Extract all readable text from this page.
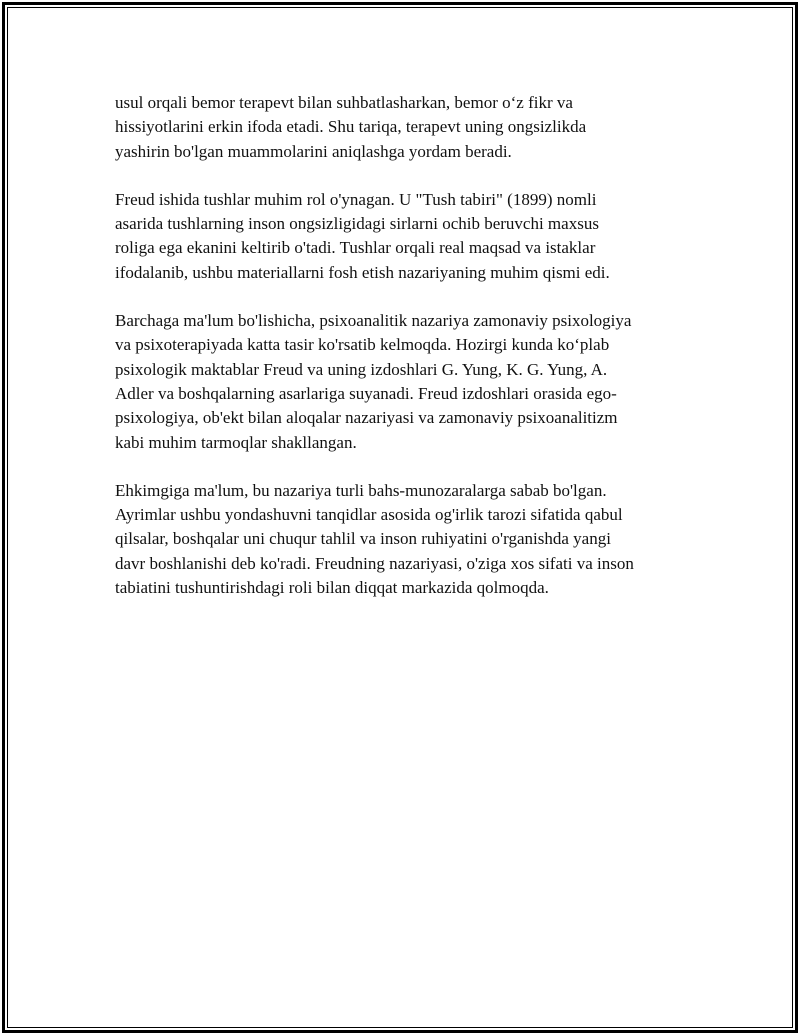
usul orqali bemor terapevt bilan suhbatlasharkan, bemor o‘z fikr va
hissiyotlarini erkin ifoda etadi. Shu tariqa, terapevt uning ongsizlikda
yashirin bo'lgan muammolarini aniqlashga yordam beradi.

Freud ishida tushlar muhim rol o'ynagan. U "Tush tabiri" (1899) nomli
asarida tushlarning inson ongsizligidagi sirlarni ochib beruvchi maxsus
roliga ega ekanini keltirib o'tadi. Tushlar orqali real maqsad va istaklar
ifodalanib, ushbu materiallarni fosh etish nazariyaning muhim qismi edi.

Barchaga ma'lum bo'lishicha, psixoanalitik nazariya zamonaviy psixologiya
va psixoterapiyada katta tasir ko'rsatib kelmoqda. Hozirgi kunda ko‘plab
psixologik maktablar Freud va uning izdoshlari G. Yung, K. G. Yung, A.
Adler va boshqalarning asarlariga suyanadi. Freud izdoshlari orasida ego-
psixologiya, ob'ekt bilan aloqalar nazariyasi va zamonaviy psixoanalitizm
kabi muhim tarmoqlar shakllangan.

Ehkimgiga ma'lum, bu nazariya turli bahs-munozaralarga sabab bo'lgan.
Ayrimlar ushbu yondashuvni tanqidlar asosida og'irlik tarozi sifatida qabul
qilsalar, boshqalar uni chuqur tahlil va inson ruhiyatini o'rganishda yangi
davr boshlanishi deb ko'radi. Freudning nazariyasi, o'ziga xos sifati va inson
tabiatini tushuntirishdagi roli bilan diqqat markazida qolmoqda.
